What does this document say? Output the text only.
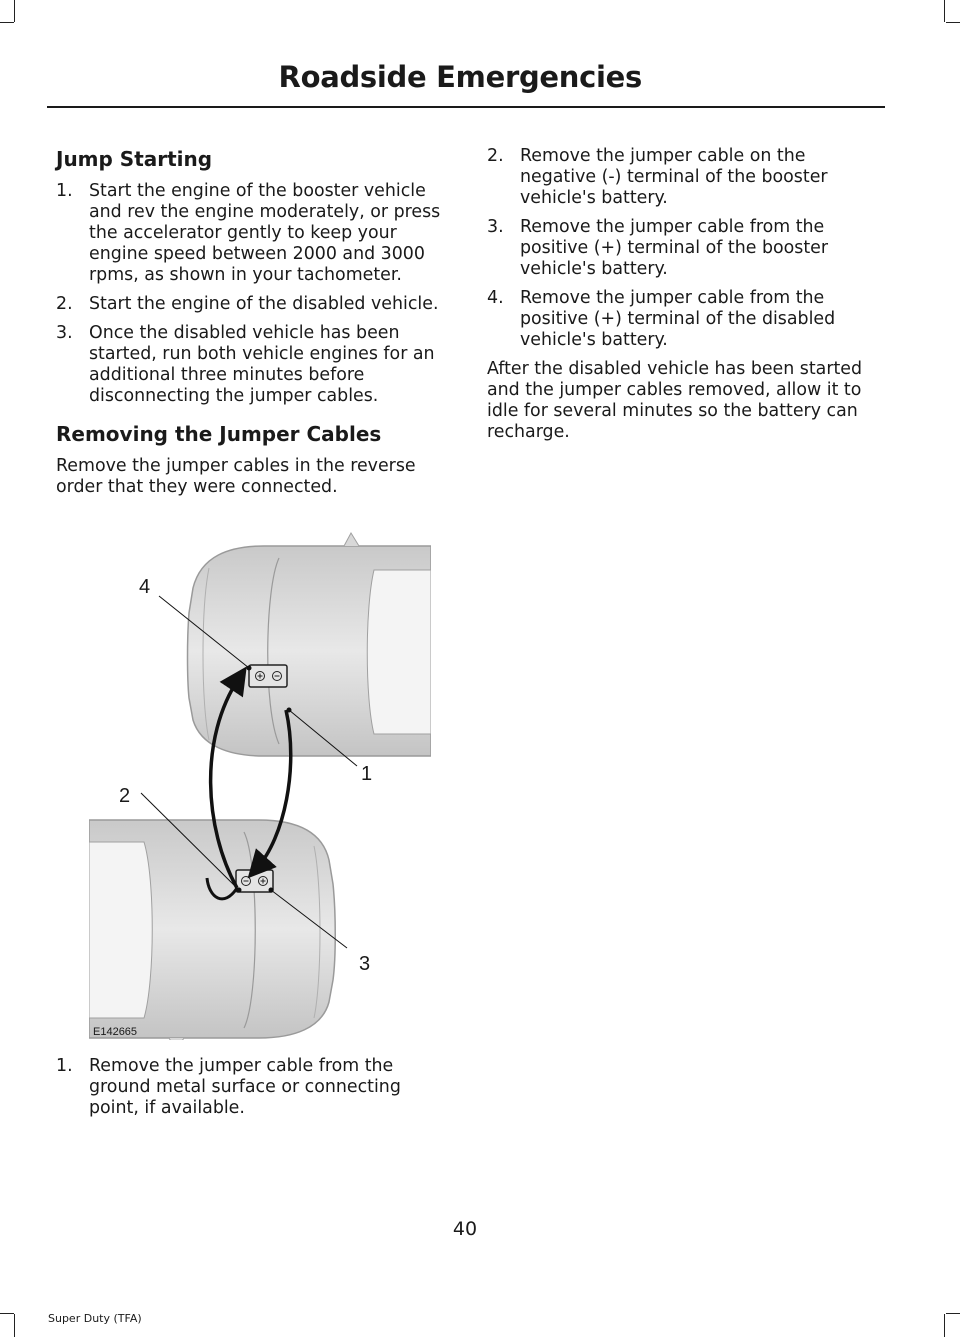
Roadside Emergencies
Jump Starting
1. Start the engine of the booster vehicle and rev the engine moderately, or press the accelerator gently to keep your engine speed between 2000 and 3000 rpms, as shown in your tachometer.
2. Start the engine of the disabled vehicle.
3. Once the disabled vehicle has been started, run both vehicle engines for an additional three minutes before disconnecting the jumper cables.
Removing the Jumper Cables

Remove the jumper cables in the reverse order that they were connected.

4
1
2
3
E142665
1. Remove the jumper cable from the ground metal surface or connecting point, if available.
2. Remove the jumper cable on the negative (-) terminal of the booster vehicle's battery.
3. Remove the jumper cable from the positive (+) terminal of the booster vehicle's battery.
4. Remove the jumper cable from the positive (+) terminal of the disabled vehicle's battery.

After the disabled vehicle has been started and the jumper cables removed, allow it to idle for several minutes so the battery can recharge.

40
Super Duty (TFA)
